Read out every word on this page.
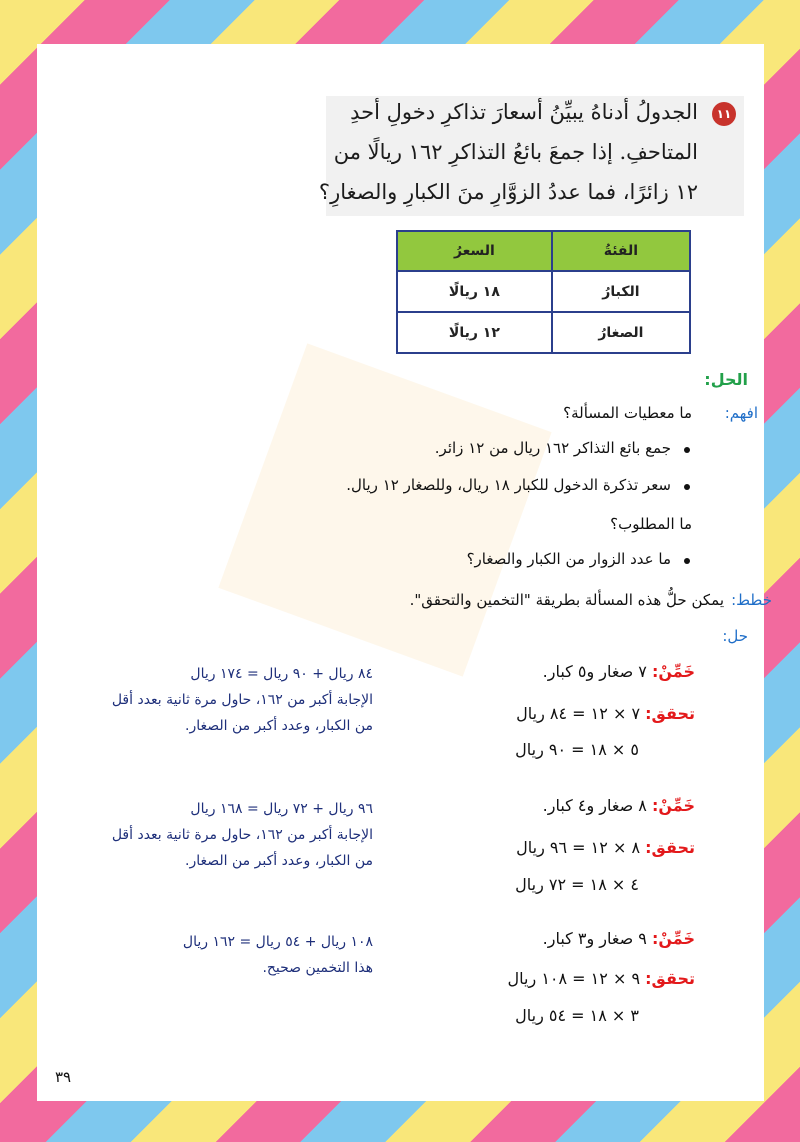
١١
الجدولُ أدناهُ يبيِّنُ أسعارَ تذاكرِ دخولِ أحدِ
المتاحفِ. إذا جمعَ بائعُ التذاكرِ ١٦٢ ريالًا من
١٢ زائرًا، فما عددُ الزوَّارِ منَ الكبارِ والصغارِ؟
الفئةُ	السعرُ
الكبارُ	١٨ ريالًا
الصغارُ	١٢ ريالًا
الحل:
افهم:
ما معطيات المسألة؟
جمع بائع التذاكر ١٦٢ ريال من ١٢ زائر.
سعر تذكرة الدخول للكبار ١٨ ريال، وللصغار ١٢ ريال.
ما المطلوب؟
ما عدد الزوار من الكبار والصغار؟
خطط:
يمكن حلُّ هذه المسألة بطريقة "التخمين والتحقق".
حل:
خَمِّنْ: ٧ صغار و٥ كبار.
تحقق: ٧ × ١٢ = ٨٤ ريال
٥ × ١٨ = ٩٠ ريال
٨٤ ريال + ٩٠ ريال = ١٧٤ ريال
الإجابة أكبر من ١٦٢، حاول مرة ثانية بعدد أقل
من الكبار، وعدد أكبر من الصغار.
خَمِّنْ: ٨ صغار و٤ كبار.
تحقق: ٨ × ١٢ = ٩٦ ريال
٤ × ١٨ = ٧٢ ريال
٩٦ ريال + ٧٢ ريال = ١٦٨ ريال
الإجابة أكبر من ١٦٢، حاول مرة ثانية بعدد أقل
من الكبار، وعدد أكبر من الصغار.
خَمِّنْ: ٩ صغار و٣ كبار.
تحقق: ٩ × ١٢ = ١٠٨ ريال
٣ × ١٨ = ٥٤ ريال
١٠٨ ريال + ٥٤ ريال = ١٦٢ ريال
هذا التخمين صحيح.
٣٩
